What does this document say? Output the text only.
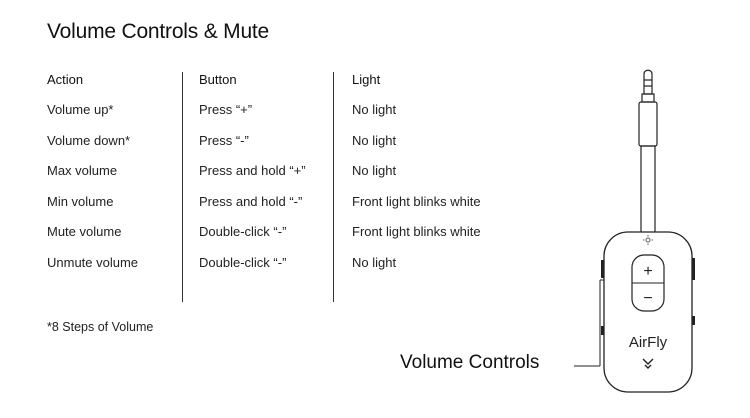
Volume Controls & Mute
Action
Volume up*
Volume down*
Max volume
Min volume
Mute volume
Unmute volume
Button
Press “+”
Press “-”
Press and hold “+”
Press and hold “-”
Double-click “-”
Double-click “-”
Light
No light
No light
No light
Front light blinks white
Front light blinks white
No light
*8 Steps of Volume
Volume Controls
+
−
AirFly
